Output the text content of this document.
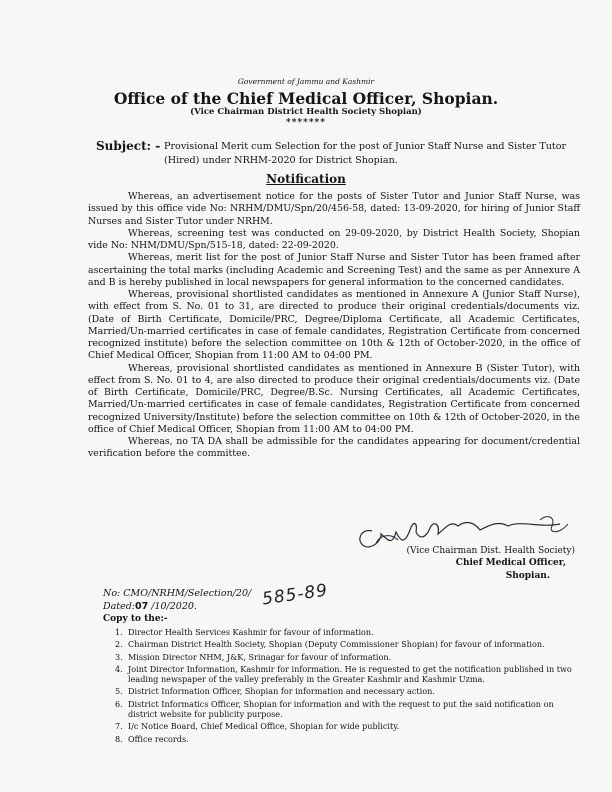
Government of Jammu and Kashmir
Office of the Chief Medical Officer, Shopian.
(Vice Chairman District Health Society Shopian)
*******
Subject: - Provisional Merit cum Selection for the post of Junior Staff Nurse and Sister Tutor (Hired) under NRHM-2020 for District Shopian.
Notification

Whereas, an advertisement notice for the posts of Sister Tutor and Junior Staff Nurse, was issued by this office vide No: NRHM/DMU/Spn/20/456-58, dated: 13-09-2020, for hiring of Junior Staff Nurses and Sister Tutor under NRHM.

Whereas, screening test was conducted on 29-09-2020, by District Health Society, Shopian vide No: NHM/DMU/Spn/515-18, dated: 22-09-2020.

Whereas, merit list for the post of Junior Staff Nurse and Sister Tutor has been framed after ascertaining the total marks (including Academic and Screening Test) and the same as per Annexure A and B is hereby published in local newspapers for general information to the concerned candidates.

Whereas, provisional shortlisted candidates as mentioned in Annexure A (Junior Staff Nurse), with effect from S. No. 01 to 31, are directed to produce their original credentials/documents viz. (Date of Birth Certificate, Domicile/PRC, Degree/Diploma Certificate, all Academic Certificates, Married/Un-married certificates in case of female candidates, Registration Certificate from concerned recognized institute) before the selection committee on 10th & 12th of October-2020, in the office of Chief Medical Officer, Shopian from 11:00 AM to 04:00 PM.

Whereas, provisional shortlisted candidates as mentioned in Annexure B (Sister Tutor), with effect from S. No. 01 to 4, are also directed to produce their original credentials/documents viz. (Date of Birth Certificate, Domicile/PRC, Degree/B.Sc. Nursing Certificates, all Academic Certificates, Married/Un-married certificates in case of female candidates, Registration Certificate from concerned recognized University/Institute) before the selection committee on 10th & 12th of October-2020, in the office of Chief Medical Officer, Shopian from 11:00 AM to 04:00 PM.

Whereas, no TA DA shall be admissible for the candidates appearing for document/credential verification before the committee.

(Vice Chairman Dist. Health Society)
Chief Medical Officer,
Shopian.
No: CMO/NRHM/Selection/20/ 585-89
Dated:07 /10/2020.
Copy to the:-
1. Director Health Services Kashmir for favour of information.
2. Chairman District Health Society, Shopian (Deputy Commissioner Shopian) for favour of information.
3. Mission Director NHM, J&K, Srinagar for favour of information.
4. Joint Director Information, Kashmir for information. He is requested to get the notification published in two leading newspaper of the valley preferably in the Greater Kashmir and Kashmir Uzma.
5. District Information Officer, Shopian for information and necessary action.
6. District Informatics Officer, Shopian for information and with the request to put the said notification on district website for publicity purpose.
7. I/c Notice Board, Chief Medical Office, Shopian for wide publicity.
8. Office records.
